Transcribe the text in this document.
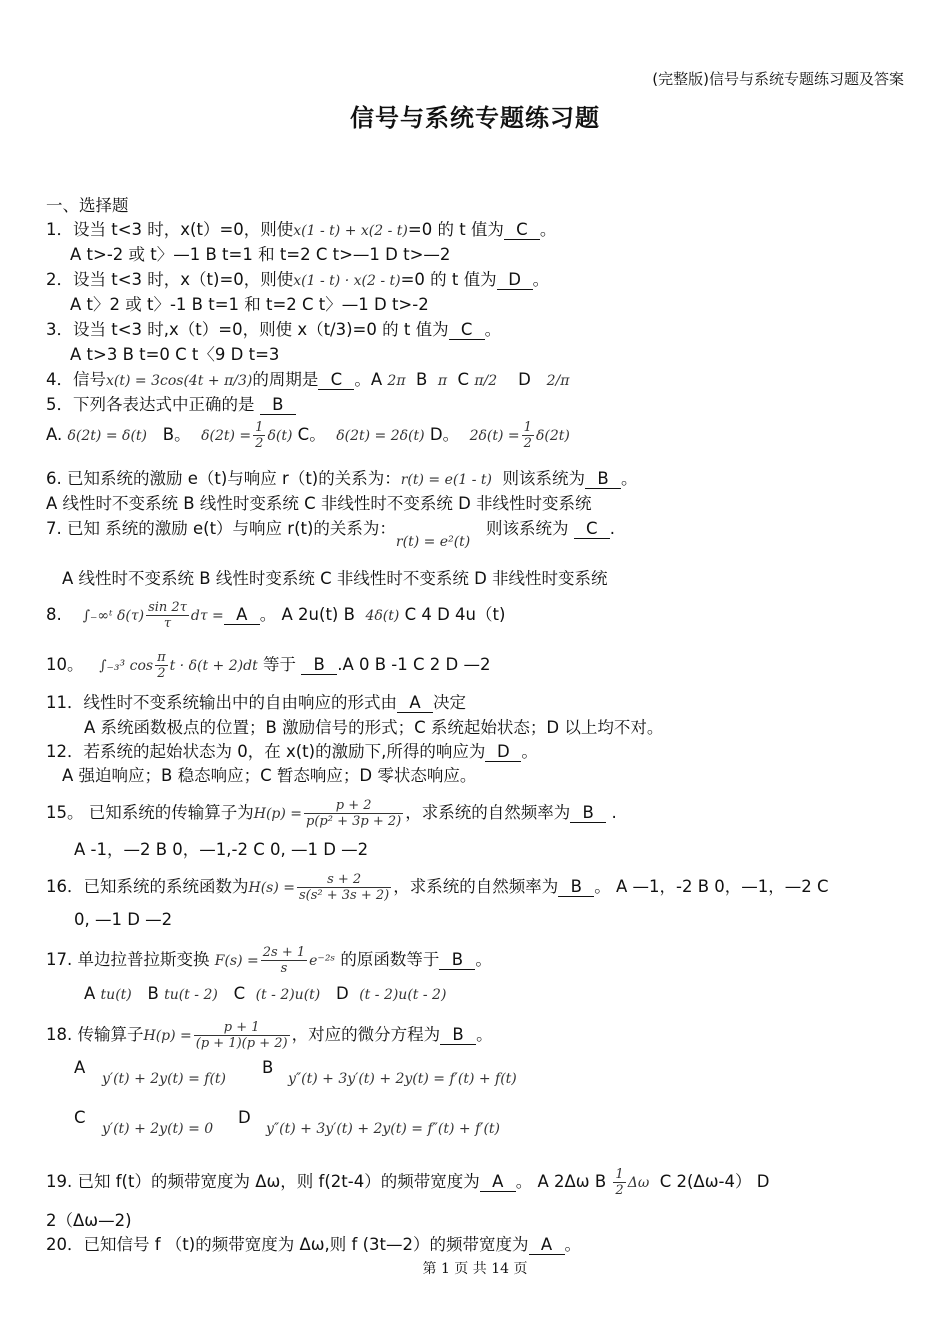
(完整版)信号与系统专题练习题及答案
信号与系统专题练习题
一、选择题
1．设当 t<3 时，x(t）=0，则使x(1 - t) + x(2 - t)=0 的 t 值为 C 。
A t>-2 或 t〉—1 B t=1 和 t=2 C t>—1 D t>—2
2．设当 t<3 时，x（t)=0，则使x(1 - t) · x(2 - t)=0 的 t 值为 D 。
A t〉2 或 t〉-1 B t=1 和 t=2 C t〉—1 D t>-2
3．设当 t<3 时,x（t）=0，则使 x（t/3)=0 的 t 值为 C 。
A t>3 B t=0 C t〈9 D t=3
4．信号x(t) = 3cos(4t + π/3)的周期是 C 。A 2π B π C π/2 D 2/π
5．下列各表达式中正确的是 B
A. δ(2t) = δ(t) B。 $\delta(2t) = \frac{1}{2} \delta(t)$ C。 δ(2t) = 2δ(t) D。 $2\delta(t) = \frac{1}{2} \delta(2t)$
6. 已知系统的激励 e（t)与响应 r（t)的关系为：r(t) = e(1 - t) 则该系统为 B 。
A 线性时不变系统 B 线性时变系统 C 非线性时不变系统 D 非线性时变系统
7. 已知 系统的激励 e(t）与响应 r(t)的关系为：$_{r(t) = e^2(t)}$   则该系统为 C .
A 线性时不变系统 B 线性时变系统 C 非线性时不变系统 D 非线性时变系统
8. ∫₋∞ᵗ $\delta(\tau) \frac{\sin 2\tau}{\tau}$ dτ = A 。 A 2u(t) B 4δ(t) C 4 D 4u（t)
10。 ∫₋₃³ $\cos \frac{\pi}{2}$ t · δ(t + 2)dt 等于 B .A 0 B -1 C 2 D —2
11．线性时不变系统输出中的自由响应的形式由 A 决定
A 系统函数极点的位置；B 激励信号的形式；C 系统起始状态；D 以上均不对。
12．若系统的起始状态为 0，在 x(t)的激励下,所得的响应为 D 。
A 强迫响应；B 稳态响应；C 暂态响应；D 零状态响应。
15。 已知系统的传输算子为$H(p) = \frac{p + 2}{\text{p(p² + 3p + 2)}}$ ，求系统的自然频率为 B .
A -1，—2 B 0，—1,-2 C 0, —1 D —2
16．已知系统的系统函数为$H(s) = \frac{s + 2}{\text{s(s² + 3s + 2)}}$ ，求系统的自然频率为 B 。 A —1，-2 B 0，—1，—2 C
0, —1 D —2
17. 单边拉普拉斯变换 $F(s) = \frac{2s + 1}{s}$ e⁻²ˢ 的原函数等于 B 。
A tu(t) B tu(t - 2) C (t - 2)u(t) D (t - 2)u(t - 2)
18. 传输算子$H(p) = \frac{p + 1}{(p + 1)(p + 2)}$ ，对应的微分方程为 B 。
A
y′(t) + 2y(t) = f(t)
B
y″(t) + 3y′(t) + 2y(t) = f′(t) + f(t)
C
y′(t) + 2y(t) = 0
D
y″(t) + 3y′(t) + 2y(t) = f″(t) + f′(t)
19. 已知 f(t）的频带宽度为 Δω，则 f(2t-4）的频带宽度为 A 。 A 2Δω B $\frac{1}{2}$ Δω C 2(Δω-4） D
2（Δω—2)
20．已知信号 f （t)的频带宽度为 Δω,则 f (3t—2）的频带宽度为 A 。
第 1 页 共 14 页
